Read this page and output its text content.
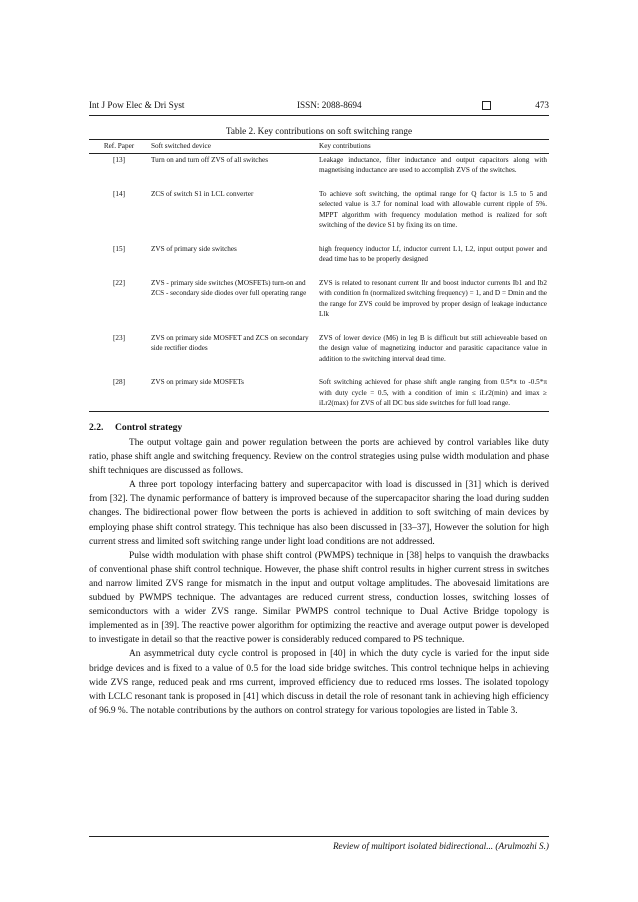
Int J Pow Elec & Dri Syst	ISSN: 2088-8694	473
Table 2. Key contributions on soft switching range
Ref. Paper	Soft switched device	Key contributions
[13]	Turn on and turn off ZVS of all switches	Leakage inductance, filter inductance and output capacitors along with magnetising inductance are used to accomplish ZVS of the switches.
[14]	ZCS of switch S1 in LCL converter	To achieve soft switching, the optimal range for Q factor is 1.5 to 5 and selected value is 3.7 for nominal load with allowable current ripple of 5%. MPPT algorithm with frequency modulation method is realized for soft switching of the device S1 by fixing its on time.
[15]	ZVS of primary side switches	high frequency inductor Lf, inductor current L1, L2, input output power and dead time has to be properly designed
[22]	ZVS - primary side switches (MOSFETs) turn-on and ZCS - secondary side diodes over full operating range	ZVS is related to resonant current Ilr and boost inductor currents Ib1 and Ib2 with condition fn (normalized switching frequency) = 1, and D = Dmin and the the range for ZVS could be improved by proper design of leakage inductance Llk
[23]	ZVS on primary side MOSFET and ZCS on secondary side rectifier diodes	ZVS of lower device (M6) in leg B is difficult but still achieveable based on the design value of magnetizing inductor and parasitic capacitance value in addition to the switching interval dead time.
[28]	ZVS on primary side MOSFETs	Soft switching achieved for phase shift angle ranging from 0.5*π to -0.5*π with duty cycle = 0.5, with a condition of imin ≤ iLr2(min) and imax ≥ iLr2(max) for ZVS of all DC bus side switches for full load range.
2.2. Control strategy

The output voltage gain and power regulation between the ports are achieved by control variables like duty ratio, phase shift angle and switching frequency. Review on the control strategies using pulse width modulation and phase shift techniques are discussed as follows.

A three port topology interfacing battery and supercapacitor with load is discussed in [31] which is derived from [32]. The dynamic performance of battery is improved because of the supercapacitor sharing the load during sudden changes. The bidirectional power flow between the ports is achieved in addition to soft switching of main devices by employing phase shift control strategy. This technique has also been discussed in [33–37], However the solution for high current stress and limited soft switching range under light load conditions are not addressed.

Pulse width modulation with phase shift control (PWMPS) technique in [38] helps to vanquish the drawbacks of conventional phase shift control technique. However, the phase shift control results in higher current stress in switches and narrow limited ZVS range for mismatch in the input and output voltage amplitudes. The abovesaid limitations are subdued by PWMPS technique. The advantages are reduced current stress, conduction losses, switching losses of semiconductors with a wider ZVS range. Similar PWMPS control technique to Dual Active Bridge topology is implemented as in [39]. The reactive power algorithm for optimizing the reactive and average output power is developed to investigate in detail so that the reactive power is considerably reduced compared to PS technique.

An asymmetrical duty cycle control is proposed in [40] in which the duty cycle is varied for the input side bridge devices and is fixed to a value of 0.5 for the load side bridge switches. This control technique helps in achieving wide ZVS range, reduced peak and rms current, improved efficiency due to reduced rms losses. The isolated topology with LCLC resonant tank is proposed in [41] which discuss in detail the role of resonant tank in achieving high efficiency of 96.9 %. The notable contributions by the authors on control strategy for various topologies are listed in Table 3.

Review of multiport isolated bidirectional... (Arulmozhi S.)
